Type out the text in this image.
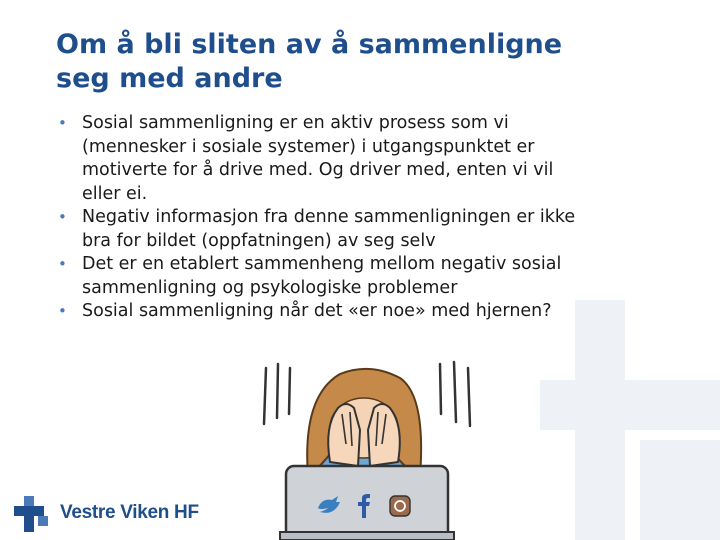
Om å bli sliten av å sammenligne
seg med andre
• Sosial sammenligning er en aktiv prosess som vi
(mennesker i sosiale systemer) i utgangspunktet er
motiverte for å drive med. Og driver med, enten vi vil
eller ei.
• Negativ informasjon fra denne sammenligningen er ikke
bra for bildet (oppfatningen) av seg selv
• Det er en etablert sammenheng mellom negativ sosial
sammenligning og psykologiske problemer
• Sosial sammenligning når det «er noe» med hjernen?
Vestre Viken HF
